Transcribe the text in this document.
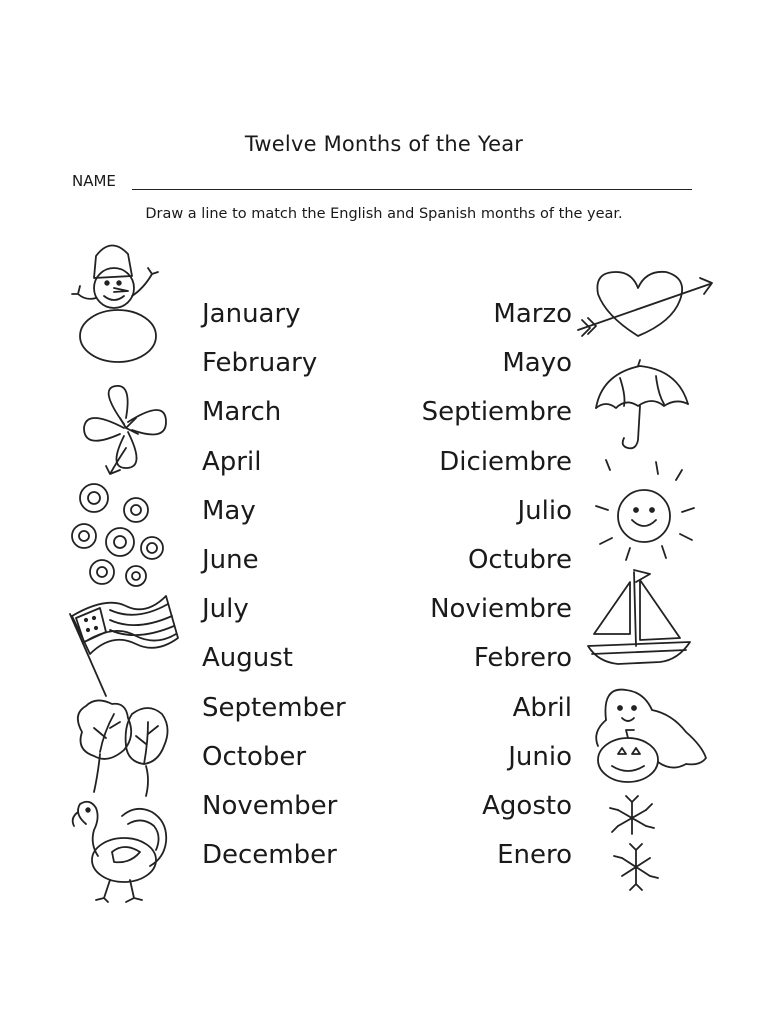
Twelve Months of the Year
NAME
Draw a line to match the English and Spanish months of the year.
January
February
March
April
May
June
July
August
September
October
November
December
Marzo
Mayo
Septiembre
Diciembre
Julio
Octubre
Noviembre
Febrero
Abril
Junio
Agosto
Enero
